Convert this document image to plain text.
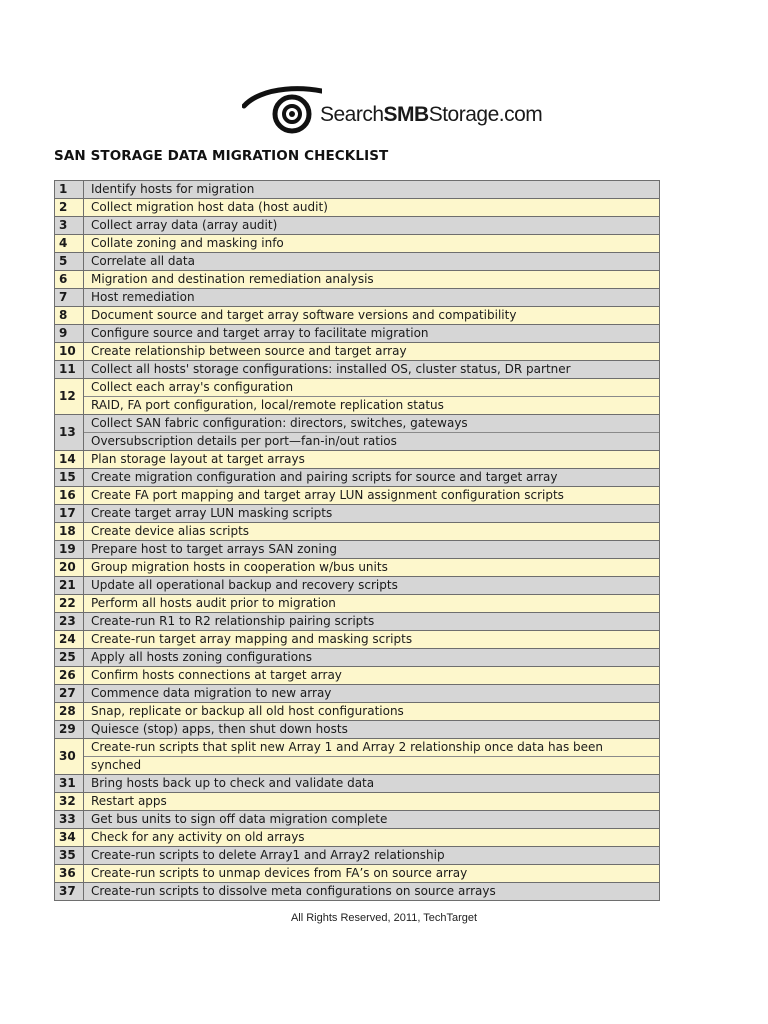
SearchSMBStorage.com
SAN STORAGE DATA MIGRATION CHECKLIST
1	Identify hosts for migration

2	Collect migration host data (host audit)

3	Collect array data (array audit)

4	Collate zoning and masking info

5	Correlate all data

6	Migration and destination remediation analysis

7	Host remediation

8	Document source and target array software versions and compatibility

9	Configure source and target array to facilitate migration

10	Create relationship between source and target array

11	Collect all hosts' storage configurations: installed OS, cluster status, DR partner

12	Collect each array's configuration
RAID, FA port configuration, local/remote replication status

13	Collect SAN fabric configuration: directors, switches, gateways
Oversubscription details per port—fan-in/out ratios

14	Plan storage layout at target arrays

15	Create migration configuration and pairing scripts for source and target array

16	Create FA port mapping and target array LUN assignment configuration scripts

17	Create target array LUN masking scripts

18	Create device alias scripts

19	Prepare host to target arrays SAN zoning

20	Group migration hosts in cooperation w/bus units

21	Update all operational backup and recovery scripts

22	Perform all hosts audit prior to migration

23	Create-run R1 to R2 relationship pairing scripts

24	Create-run target array mapping and masking scripts

25	Apply all hosts zoning configurations

26	Confirm hosts connections at target array

27	Commence data migration to new array

28	Snap, replicate or backup all old host configurations

29	Quiesce (stop) apps, then shut down hosts

30	Create-run scripts that split new Array 1 and Array 2 relationship once data has been
synched

31	Bring hosts back up to check and validate data

32	Restart apps

33	Get bus units to sign off data migration complete

34	Check for any activity on old arrays

35	Create-run scripts to delete Array1 and Array2 relationship

36	Create-run scripts to unmap devices from FA’s on source array

37	Create-run scripts to dissolve meta configurations on source arrays
All Rights Reserved, 2011, TechTarget
